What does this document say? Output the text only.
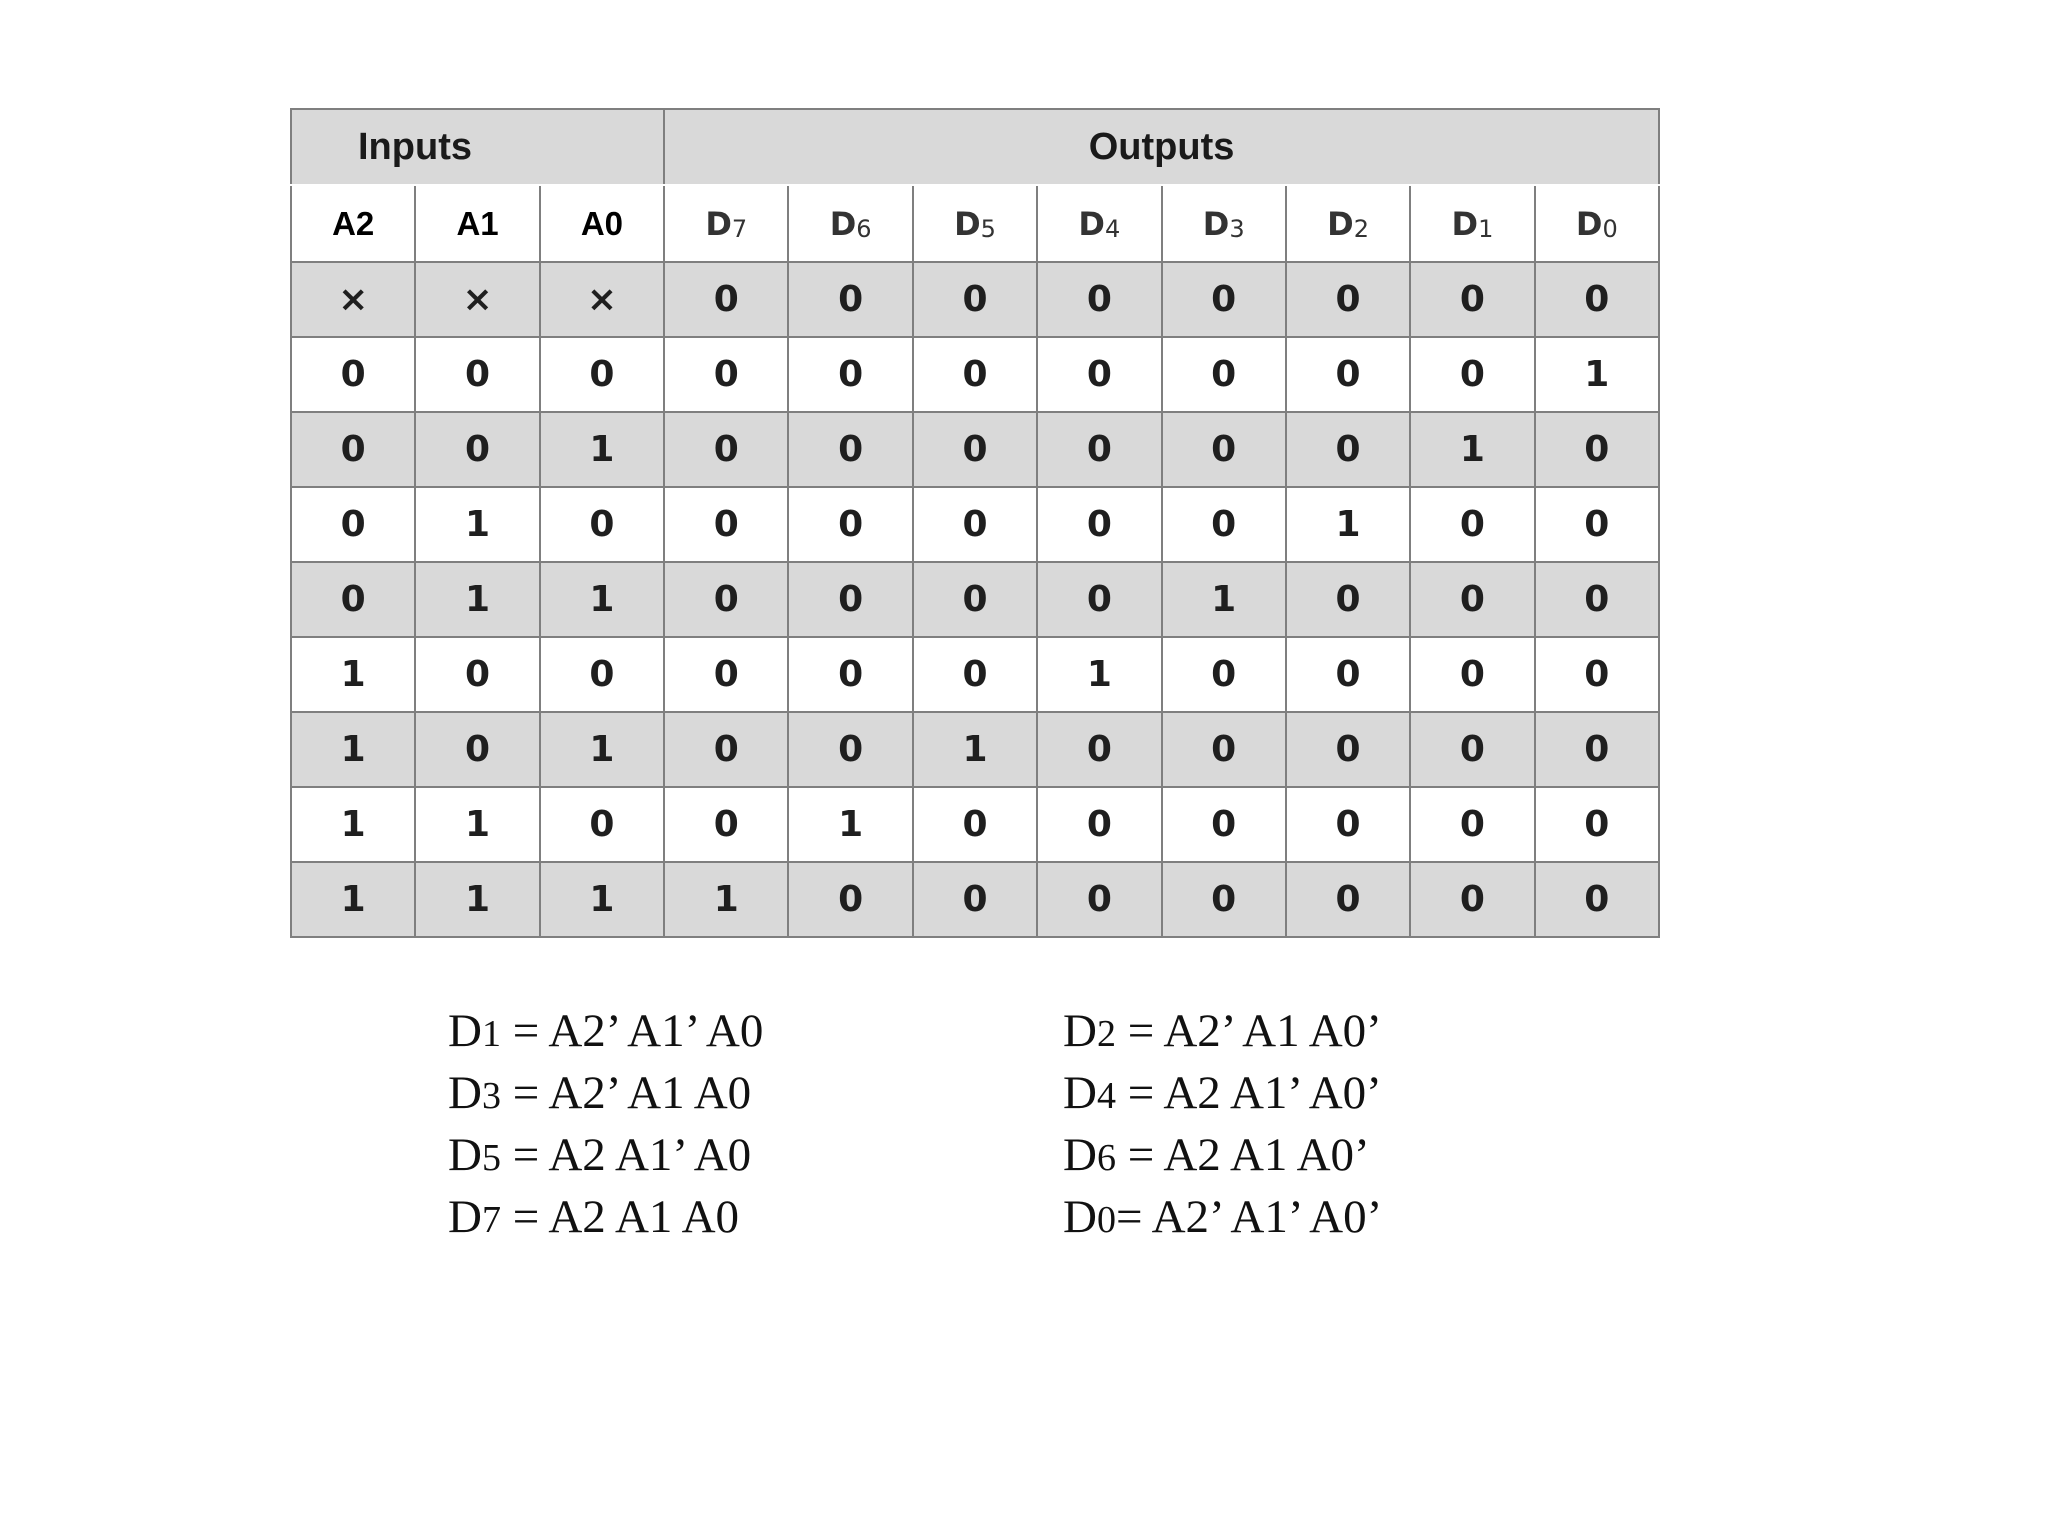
Inputs			Outputs							
A2	A1	A0	D7	D6	D5	D4	D3	D2	D1	D0
×	×	×	0	0	0	0	0	0	0	0
0	0	0	0	0	0	0	0	0	0	1
0	0	1	0	0	0	0	0	0	1	0
0	1	0	0	0	0	0	0	1	0	0
0	1	1	0	0	0	0	1	0	0	0
1	0	0	0	0	0	1	0	0	0	0
1	0	1	0	0	1	0	0	0	0	0
1	1	0	0	1	0	0	0	0	0	0
1	1	1	1	0	0	0	0	0	0	0
D1 = A2’ A1’ A0	D2 = A2’ A1 A0’
D3 = A2’ A1 A0	D4 = A2 A1’ A0’
D5 = A2 A1’ A0	D6 = A2 A1 A0’
D7 = A2 A1 A0	D0= A2’ A1’ A0’
